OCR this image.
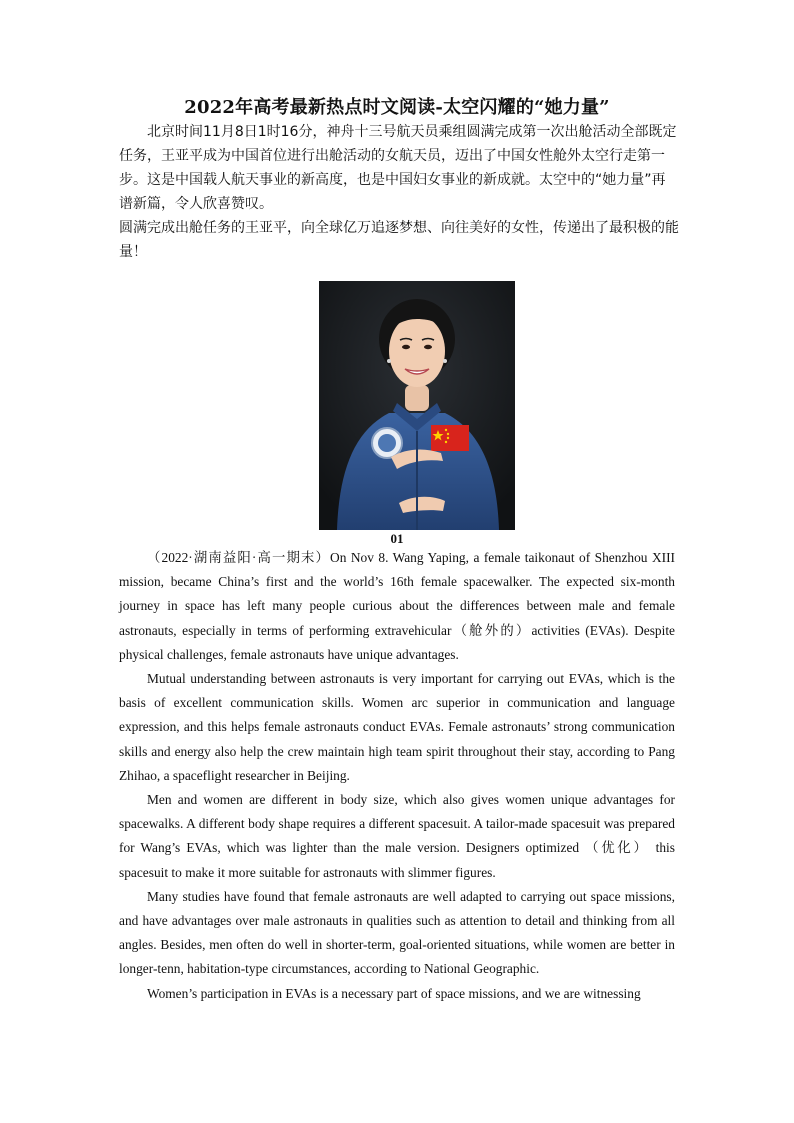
2022年高考最新热点时文阅读-太空闪耀的“她力量”

北京时间11月8日1时16分，神舟十三号航天员乘组圆满完成第一次出舱活动全部既定任务，王亚平成为中国首位进行出舱活动的女航天员，迈出了中国女性舱外太空行走第一步。这是中国载人航天事业的新高度，也是中国妇女事业的新成就。太空中的“她力量”再谱新篇，令人欣喜赞叹。

圆满完成出舱任务的王亚平，向全球亿万追逐梦想、向往美好的女性，传递出了最积极的能量！

01

（2022·湖南益阳·高一期末）On Nov 8. Wang Yaping, a female taikonaut of Shenzhou XIII mission, became China’s first and the world’s 16th female spacewalker. The expected six-month journey in space has left many people curious about the differences between male and female astronauts, especially in terms of performing extravehicular（舱外的）activities (EVAs). Despite physical challenges, female astronauts have unique advantages.

Mutual understanding between astronauts is very important for carrying out EVAs, which is the basis of excellent communication skills. Women arc superior in communication and language expression, and this helps female astronauts conduct EVAs. Female astronauts’ strong communication skills and energy also help the crew maintain high team spirit throughout their stay, according to Pang Zhihao, a spaceflight researcher in Beijing.

Men and women are different in body size, which also gives women unique advantages for spacewalks. A different body shape requires a different spacesuit. A tailor-made spacesuit was prepared for Wang’s EVAs, which was lighter than the male version. Designers optimized （优化） this spacesuit to make it more suitable for astronauts with slimmer figures.

Many studies have found that female astronauts are well adapted to carrying out space missions, and have advantages over male astronauts in qualities such as attention to detail and thinking from all angles. Besides, men often do well in shorter-term, goal-oriented situations, while women are better in longer-tenn, habitation-type circumstances, according to National Geographic.

Women’s participation in EVAs is a necessary part of space missions, and we are witnessing
